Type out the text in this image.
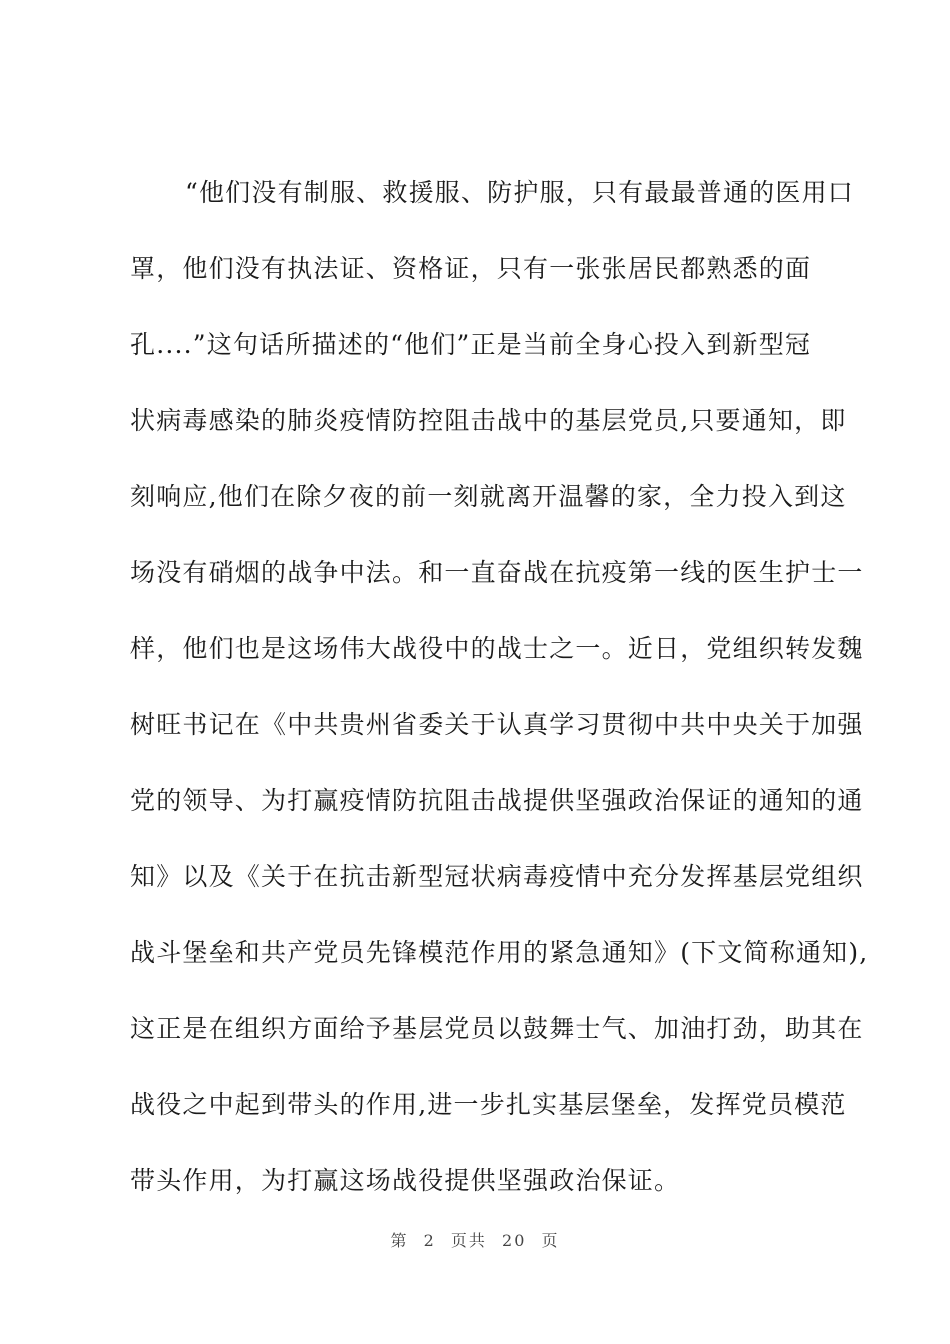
“他们没有制服、救援服、防护服，只有最最普通的医用口
罩，他们没有执法证、资格证，只有一张张居民都熟悉的面
孔....”这句话所描述的“他们”正是当前全身心投入到新型冠
状病毒感染的肺炎疫情防控阻击战中的基层党员,只要通知，即
刻响应,他们在除夕夜的前一刻就离开温馨的家，全力投入到这
场没有硝烟的战争中法。和一直奋战在抗疫第一线的医生护士一
样，他们也是这场伟大战役中的战士之一。近日，党组织转发魏
树旺书记在《中共贵州省委关于认真学习贯彻中共中央关于加强
党的领导、为打赢疫情防抗阻击战提供坚强政治保证的通知的通
知》以及《关于在抗击新型冠状病毒疫情中充分发挥基层党组织
战斗堡垒和共产党员先锋模范作用的紧急通知》(下文简称通知),
这正是在组织方面给予基层党员以鼓舞士气、加油打劲，助其在
战役之中起到带头的作用,进一步扎实基层堡垒，发挥党员模范
带头作用，为打赢这场战役提供坚强政治保证。
第 2 页共 20 页
